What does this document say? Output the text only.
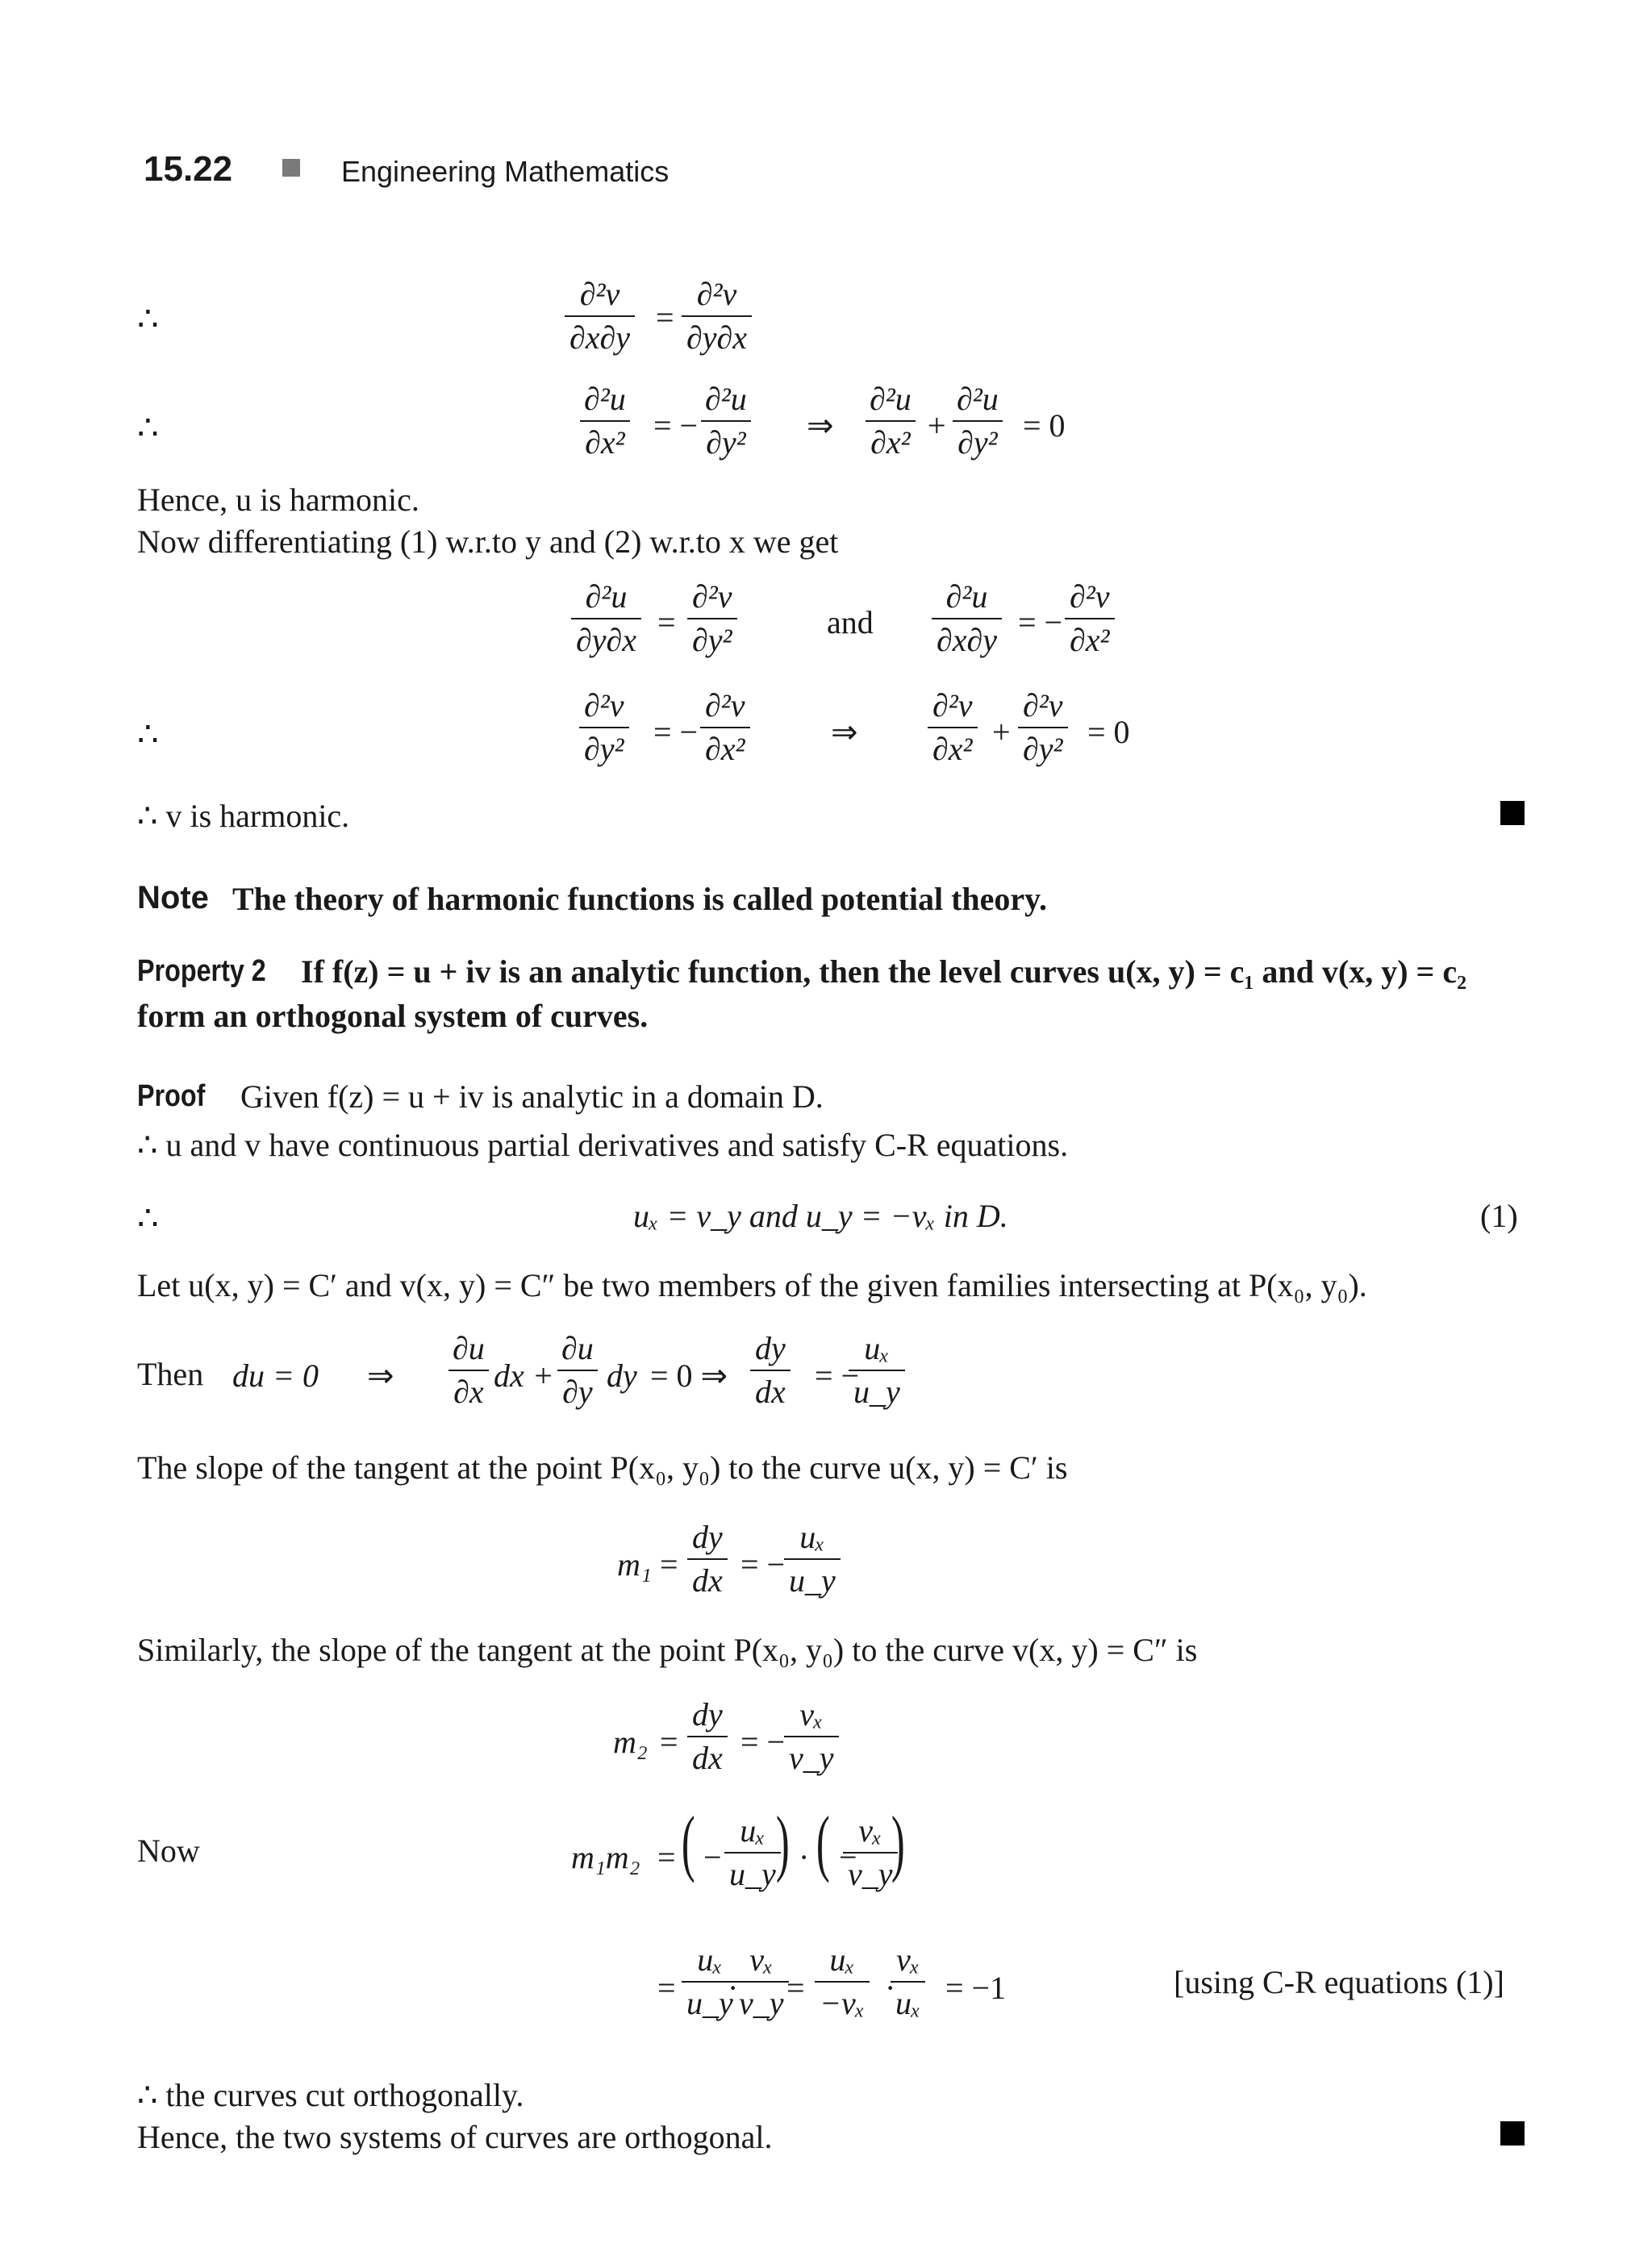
15.22	Engineering Mathematics
∴	$\frac{\text{∂²v}}{\partial x\partial y} = \frac{\text{∂²v}}{\partial y\partial x}$
∴	$\frac{\text{∂²u}}{\text{∂x²}}$ = − $\frac{\text{∂²u}}{\text{∂y²}}$ ⇒ $\frac{\text{∂²u}}{\text{∂x²}} + \frac{\text{∂²u}}{\text{∂y²}} = 0$
Hence, u is harmonic.
Now differentiating (1) w.r.to y and (2) w.r.to x we get
$\frac{\text{∂²u}}{\partial y\partial x} = \frac{\text{∂²v}}{\text{∂y²}}$	and $\frac{\text{∂²u}}{\partial x\partial y}$ = − $\frac{\text{∂²v}}{\text{∂x²}}$
∴	$\frac{\text{∂²v}}{\text{∂y²}}$ = − $\frac{\text{∂²v}}{\text{∂x²}}$	⇒ $\frac{\text{∂²v}}{\text{∂x²}} + \frac{\text{∂²v}}{\text{∂y²}} = 0$
∴ v is harmonic.
Note The theory of harmonic functions is called potential theory.
Property 2 If f(z) = u + iv is an analytic function, then the level curves u(x, y) = c₁ and v(x, y) = c₂
form an orthogonal system of curves.
Proof Given f(z) = u + iv is analytic in a domain D.
∴ u and v have continuous partial derivatives and satisfy C-R equations.
∴	uₓ = v_y and u_y = −vₓ in D.	(1)
Let u(x, y) = C′ and v(x, y) = C″ be two members of the given families intersecting at P(x₀, y₀).
Then du = 0 ⇒ $\frac{\partial u}{\partial x}$ dx + $\frac{\partial u}{\partial y}$ dy = 0 ⇒ $\frac{dy}{dx}$ = −
$\frac{\text{uₓ}}{u\_y}$
The slope of the tangent at the point P(x₀, y₀) to the curve u(x, y) = C′ is
$m_1 = \frac{dy}{dx}$ = −
$\frac{\text{uₓ}}{u\_y}$
Similarly, the slope of the tangent at the point P(x₀, y₀) to the curve v(x, y) = C″ is
$m_2 = \frac{dy}{dx}$ = −
$\frac{\text{vₓ}}{v\_y}$
Now	m₁m₂ = ( − $\frac{\text{uₓ}}{u\_y}$
) · ( −
$\frac{\text{vₓ}}{v\_y}$
)
= $\frac{\text{uₓ}}{u\_y}$
·
$\frac{\text{vₓ}}{v\_y}$
= $\frac{\text{uₓ}}{\text{−vₓ}}$ ·
$\frac{\text{vₓ}}{\text{uₓ}} = -1$	[using C-R equations (1)]
∴ the curves cut orthogonally.
Hence, the two systems of curves are orthogonal.
